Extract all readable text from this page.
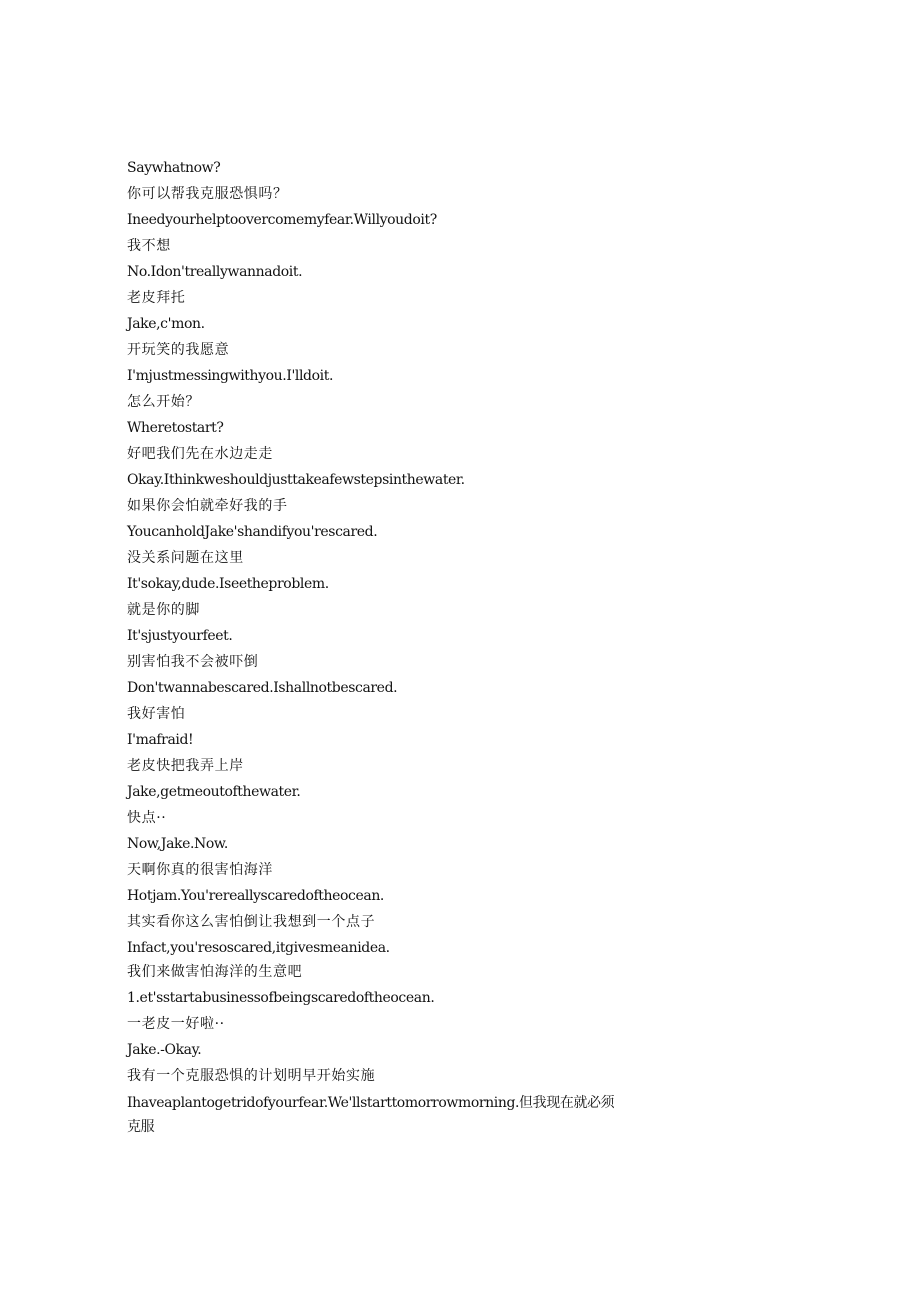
Saywhatnow?
你可以帮我克服恐惧吗？
Ineedyourhelptoovercomemyfear.Willyoudoit?
我不想
No.Idon'treallywannadoit.
老皮拜托
Jake,c'mon.
开玩笑的我愿意
I'mjustmessingwithyou.I'lldoit.
怎么开始？
Wheretostart?
好吧我们先在水边走走
Okay.Ithinkweshouldjusttakeafewstepsinthewater.
如果你会怕就牵好我的手
YoucanholdJake'shandifyou'rescared.
没关系问题在这里
It'sokay,dude.Iseetheproblem.
就是你的脚
It'sjustyourfeet.
别害怕我不会被吓倒
Don'twannabescared.Ishallnotbescared.
我好害怕
I'mafraid!
老皮快把我弄上岸
Jake,getmeoutofthewater.
快点··
Now,Jake.Now.
天啊你真的很害怕海洋
Hotjam.You'rereallyscaredoftheocean.
其实看你这么害怕倒让我想到一个点子
Infact,you'resoscared,itgivesmeanidea.
我们来做害怕海洋的生意吧
1.et'sstartabusinessofbeingscaredoftheocean.
一老皮一好啦··
Jake.-Okay.
我有一个克服恐惧的计划明早开始实施
Ihaveaplantogetridofyourfear.We'llstarttomorrowmorning.但我现在就必须克服
